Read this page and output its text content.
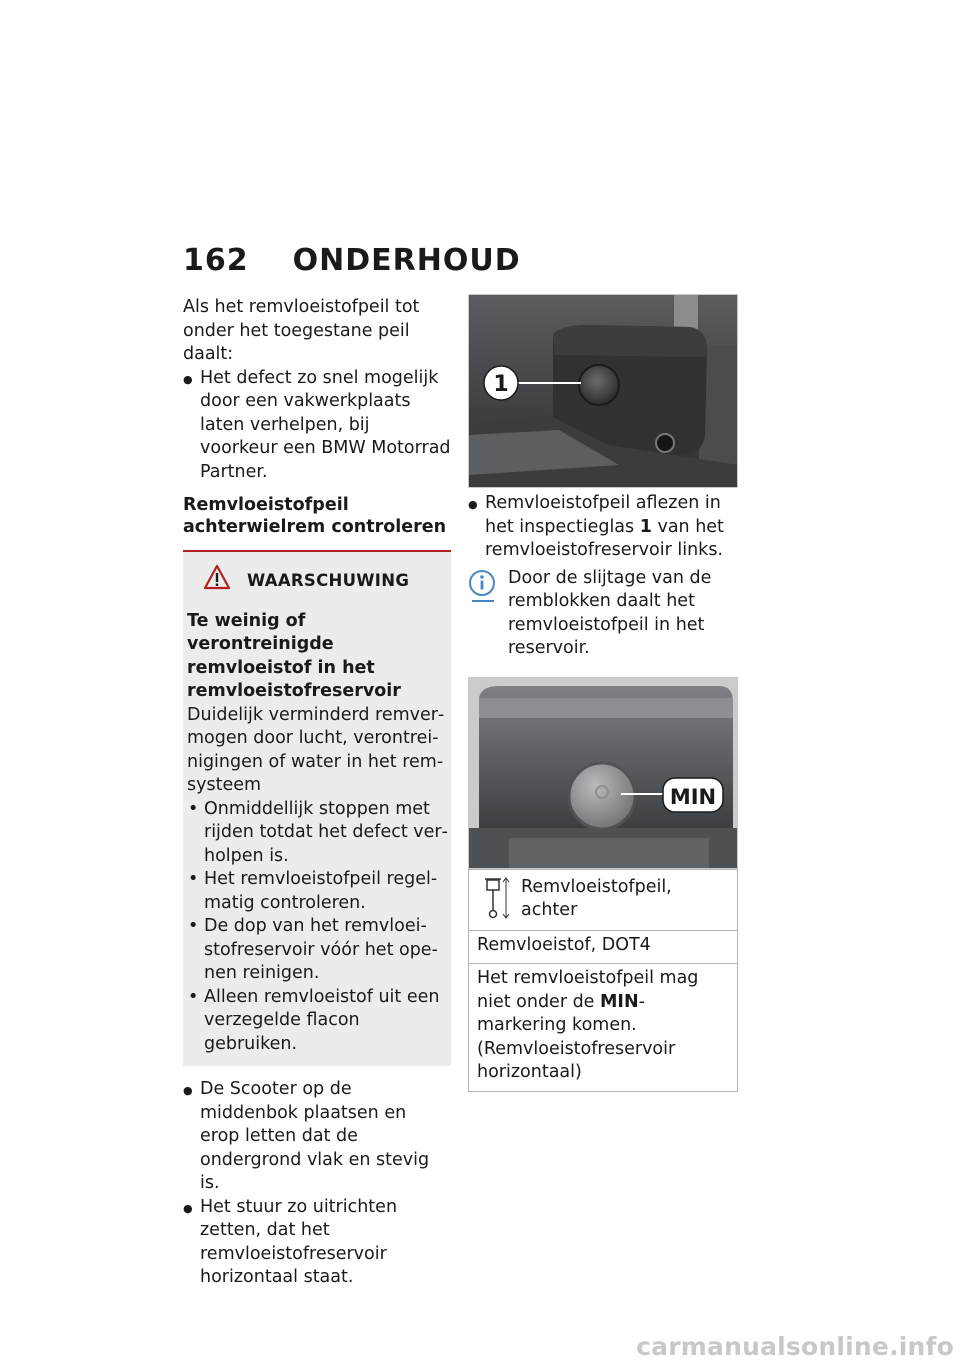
162 ONDERHOUD

Als het remvloeistofpeil tot onder het toegestane peil daalt:

● Het defect zo snel mogelijk door een vakwerkplaats laten verhelpen, bij voorkeur een BMW Motorrad Partner.

Remvloeistofpeil achterwielrem controleren

WAARSCHUWING

Te weinig of verontreinigde remvloeistof in het remvloeistofreservoir

Duidelijk verminderd remvermogen door lucht, verontreinigingen of water in het remsysteem

• Onmiddellijk stoppen met rijden totdat het defect verholpen is.
• Het remvloeistofpeil regelmatig controleren.
• De dop van het remvloeistofreservoir vóór het openen reinigen.
• Alleen remvloeistof uit een verzegelde flacon gebruiken.
● De Scooter op de middenbok plaatsen en erop letten dat de ondergrond vlak en stevig is.
● Het stuur zo uitrichten zetten, dat het remvloeistofreservoir horizontaal staat.
1
● Remvloeistofpeil aflezen in het inspectieglas 1 van het remvloeistofreservoir links.

Door de slijtage van de remblokken daalt het remvloeistofpeil in het reservoir.

MIN
Remvloeistofpeil, achter
Remvloeistof, DOT4
Het remvloeistofpeil mag niet onder de MIN-markering komen. (Remvloeistofreservoir horizontaal)
carmanualsonline.info
